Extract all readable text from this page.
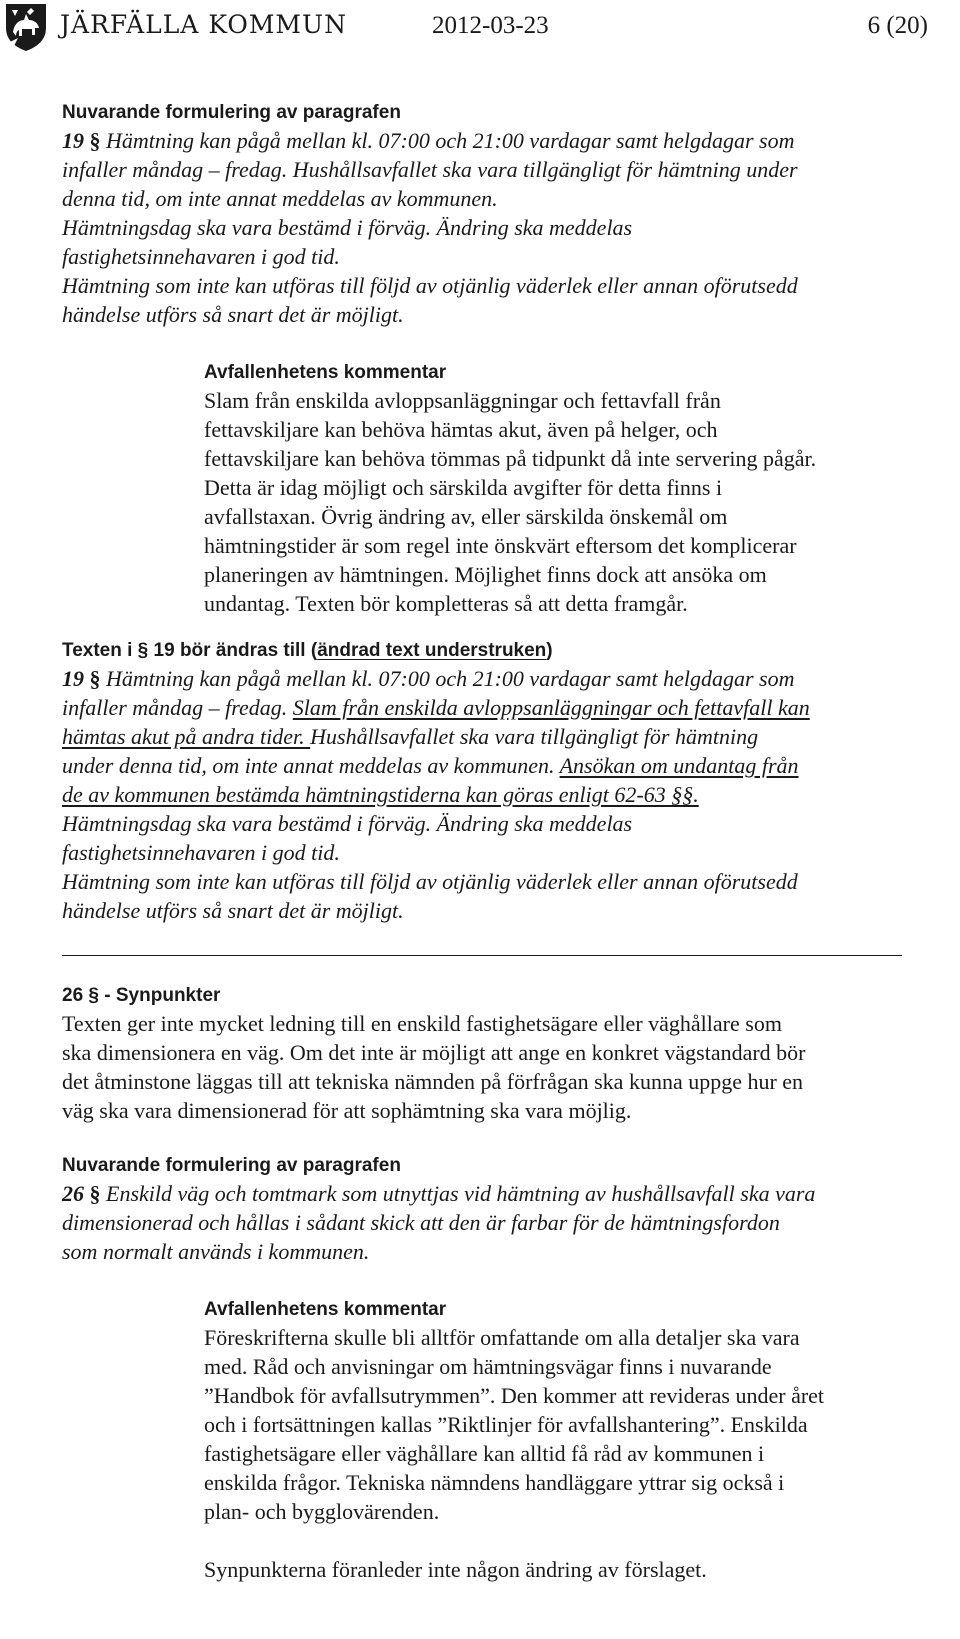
JÄRFÄLLA KOMMUN	2012-03-23	6 (20)

Nuvarande formulering av paragrafen

19 § Hämtning kan pågå mellan kl. 07:00 och 21:00 vardagar samt helgdagar som

infaller måndag – fredag. Hushållsavfallet ska vara tillgängligt för hämtning under

denna tid, om inte annat meddelas av kommunen.

Hämtningsdag ska vara bestämd i förväg. Ändring ska meddelas

fastighetsinnehavaren i god tid.

Hämtning som inte kan utföras till följd av otjänlig väderlek eller annan oförutsedd

händelse utförs så snart det är möjligt.

Avfallenhetens kommentar

Slam från enskilda avloppsanläggningar och fettavfall från

fettavskiljare kan behöva hämtas akut, även på helger, och

fettavskiljare kan behöva tömmas på tidpunkt då inte servering pågår.

Detta är idag möjligt och särskilda avgifter för detta finns i

avfallstaxan. Övrig ändring av, eller särskilda önskemål om

hämtningstider är som regel inte önskvärt eftersom det komplicerar

planeringen av hämtningen. Möjlighet finns dock att ansöka om

undantag. Texten bör kompletteras så att detta framgår.

Texten i § 19 bör ändras till (ändrad text understruken)

19 § Hämtning kan pågå mellan kl. 07:00 och 21:00 vardagar samt helgdagar som

infaller måndag – fredag. Slam från enskilda avloppsanläggningar och fettavfall kan

hämtas akut på andra tider. Hushållsavfallet ska vara tillgängligt för hämtning

under denna tid, om inte annat meddelas av kommunen. Ansökan om undantag från

de av kommunen bestämda hämtningstiderna kan göras enligt 62-63 §§.

Hämtningsdag ska vara bestämd i förväg. Ändring ska meddelas

fastighetsinnehavaren i god tid.

Hämtning som inte kan utföras till följd av otjänlig väderlek eller annan oförutsedd

händelse utförs så snart det är möjligt.

26 § - Synpunkter

Texten ger inte mycket ledning till en enskild fastighetsägare eller väghållare som

ska dimensionera en väg. Om det inte är möjligt att ange en konkret vägstandard bör

det åtminstone läggas till att tekniska nämnden på förfrågan ska kunna uppge hur en

väg ska vara dimensionerad för att sophämtning ska vara möjlig.

Nuvarande formulering av paragrafen

26 § Enskild väg och tomtmark som utnyttjas vid hämtning av hushållsavfall ska vara

dimensionerad och hållas i sådant skick att den är farbar för de hämtningsfordon

som normalt används i kommunen.

Avfallenhetens kommentar

Föreskrifterna skulle bli alltför omfattande om alla detaljer ska vara

med. Råd och anvisningar om hämtningsvägar finns i nuvarande

”Handbok för avfallsutrymmen”. Den kommer att revideras under året

och i fortsättningen kallas ”Riktlinjer för avfallshantering”. Enskilda

fastighetsägare eller väghållare kan alltid få råd av kommunen i

enskilda frågor. Tekniska nämndens handläggare yttrar sig också i

plan- och bygglovärenden.

Synpunkterna föranleder inte någon ändring av förslaget.
